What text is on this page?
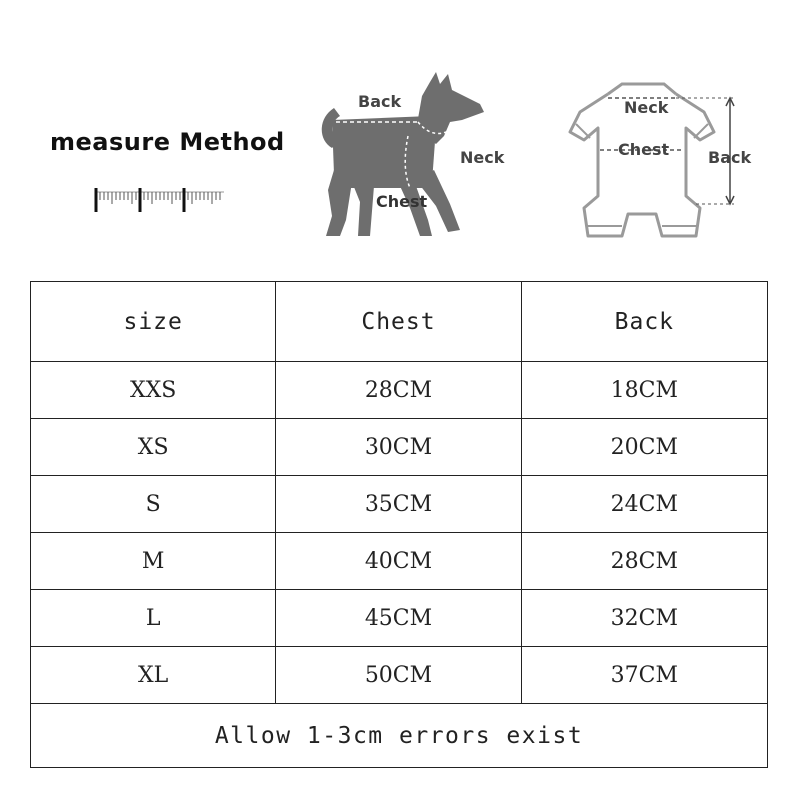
measure Method
Back
Neck
Chest
Neck
Chest Back
size	Chest	Back
XXS	28CM	18CM
XS	30CM	20CM
S	35CM	24CM
M	40CM	28CM
L	45CM	32CM
XL	50CM	37CM
Allow 1-3cm errors exist		
